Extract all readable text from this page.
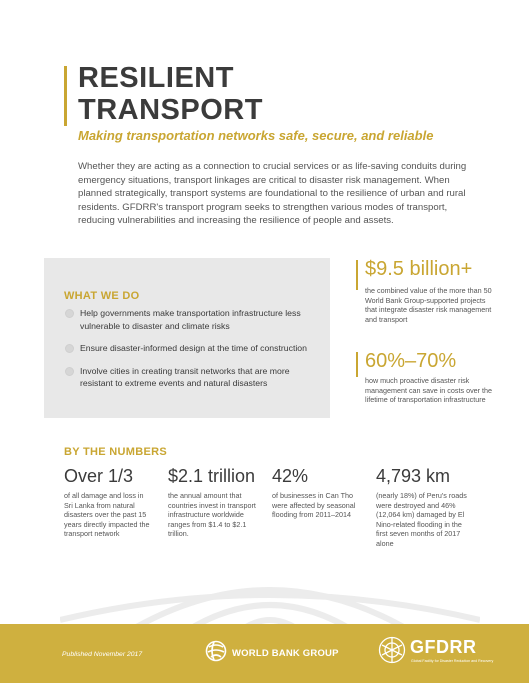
RESILIENT
TRANSPORT
Making transportation networks safe, secure, and reliable

Whether they are acting as a connection to crucial services or as life-saving conduits during emergency situations, transport linkages are critical to disaster risk management. When planned strategically, transport systems are foundational to the resilience of urban and rural residents. GFDRR's transport program seeks to strengthen various modes of transport, reducing vulnerabilities and increasing the resilience of people and assets.

WHAT WE DO
Help governments make transportation infrastructure less vulnerable to disaster and climate risks
Ensure disaster-informed design at the time of construction
Involve cities in creating transit networks that are more resistant to extreme events and natural disasters
$9.5 billion+
the combined value of the more than 50 World Bank Group-supported projects that integrate disaster risk management and transport
60%–70%
how much proactive disaster risk management can save in costs over the lifetime of transportation infrastructure
BY THE NUMBERS
Over 1/3
of all damage and loss in Sri Lanka from natural disasters over the past 15 years directly impacted the transport network
$2.1 trillion
the annual amount that countries invest in transport infrastructure worldwide ranges from $1.4 to $2.1 trillion.
42%
of businesses in Can Tho were affected by seasonal flooding from 2011–2014
4,793 km
(nearly 18%) of Peru's roads were destroyed and 46% (12,064 km) damaged by El Nino-related flooding in the first seven months of 2017 alone
Published November 2017	WORLD BANK GROUP	GFDRR
Global Facility for Disaster Reduction and Recovery
